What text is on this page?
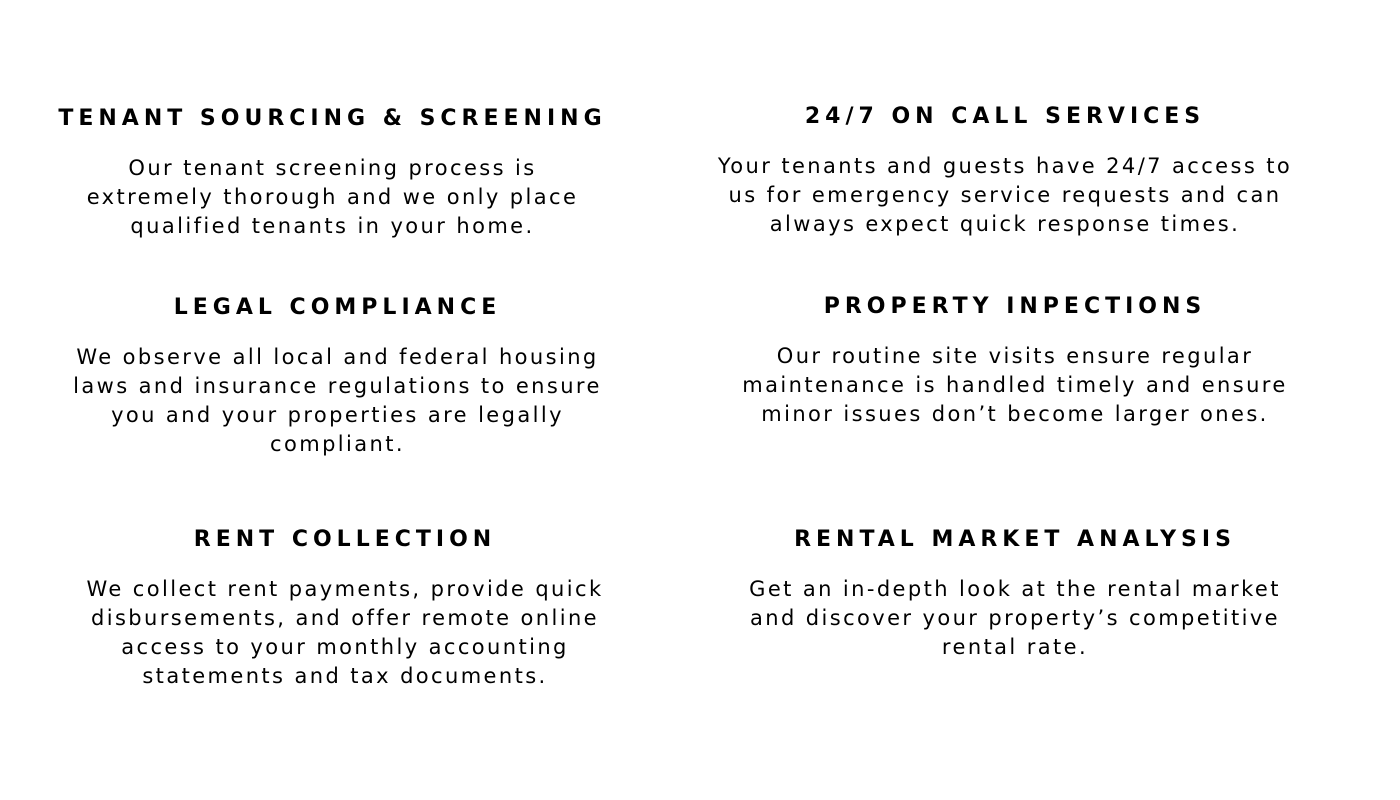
TENANT SOURCING & SCREENING

Our tenant screening process is extremely thorough and we only place qualified tenants in your home.

24/7 ON CALL SERVICES

Your tenants and guests have 24/7 access to us for emergency service requests and can always expect quick response times.

LEGAL COMPLIANCE

We observe all local and federal housing laws and insurance regulations to ensure you and your properties are legally compliant.

PROPERTY INPECTIONS

Our routine site visits ensure regular maintenance is handled timely and ensure minor issues don’t become larger ones.

RENT COLLECTION

We collect rent payments, provide quick disbursements, and offer remote online access to your monthly accounting statements and tax documents.

RENTAL MARKET ANALYSIS

Get an in-depth look at the rental market and discover your property’s competitive rental rate.
